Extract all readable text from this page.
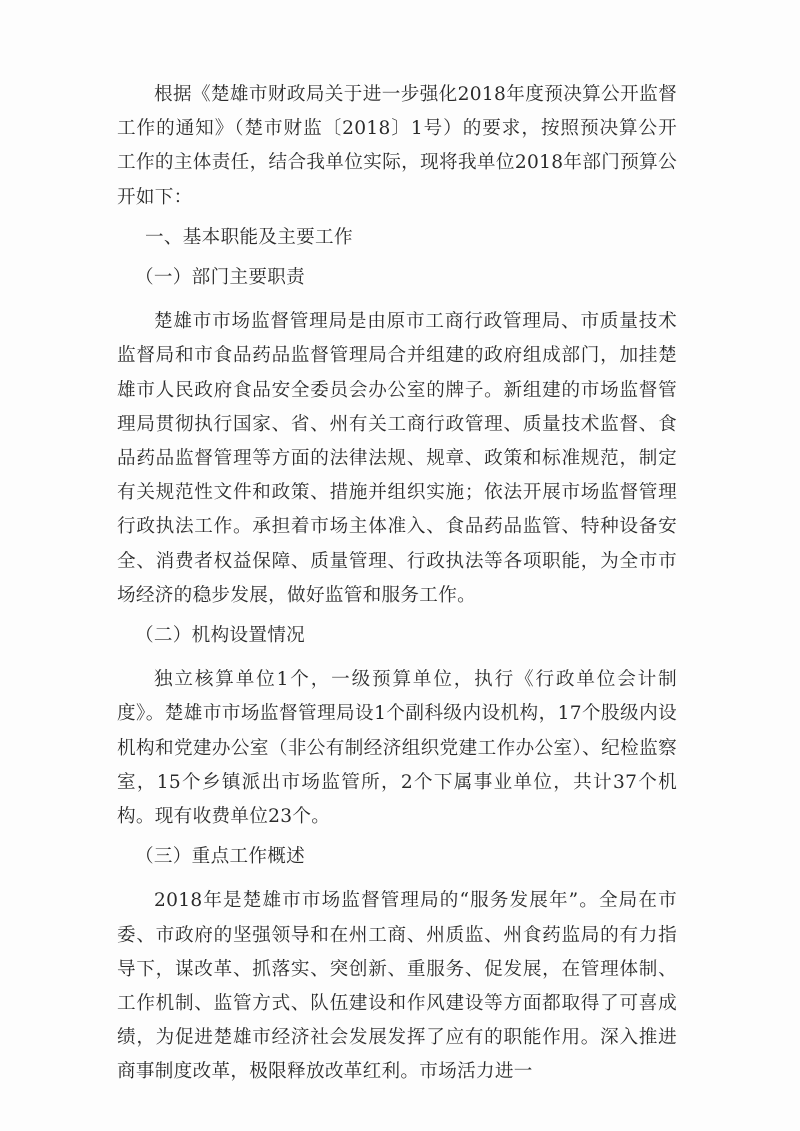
根据《楚雄市财政局关于进一步强化2018年度预决算公开监督工作的通知》（楚市财监〔2018〕1号）的要求，按照预决算公开工作的主体责任，结合我单位实际，现将我单位2018年部门预算公开如下：

一、基本职能及主要工作

（一）部门主要职责

楚雄市市场监督管理局是由原市工商行政管理局、市质量技术监督局和市食品药品监督管理局合并组建的政府组成部门，加挂楚雄市人民政府食品安全委员会办公室的牌子。新组建的市场监督管理局贯彻执行国家、省、州有关工商行政管理、质量技术监督、食品药品监督管理等方面的法律法规、规章、政策和标准规范，制定有关规范性文件和政策、措施并组织实施；依法开展市场监督管理行政执法工作。承担着市场主体准入、食品药品监管、特种设备安全、消费者权益保障、质量管理、行政执法等各项职能，为全市市场经济的稳步发展，做好监管和服务工作。

（二）机构设置情况

独立核算单位1个，一级预算单位，执行《行政单位会计制度》。楚雄市市场监督管理局设1个副科级内设机构，17个股级内设机构和党建办公室（非公有制经济组织党建工作办公室）、纪检监察室，15个乡镇派出市场监管所，2个下属事业单位，共计37个机构。现有收费单位23个。

（三）重点工作概述

2018年是楚雄市市场监督管理局的“服务发展年”。全局在市委、市政府的坚强领导和在州工商、州质监、州食药监局的有力指导下，谋改革、抓落实、突创新、重服务、促发展，在管理体制、工作机制、监管方式、队伍建设和作风建设等方面都取得了可喜成绩，为促进楚雄市经济社会发展发挥了应有的职能作用。深入推进商事制度改革，极限释放改革红利。市场活力进一
